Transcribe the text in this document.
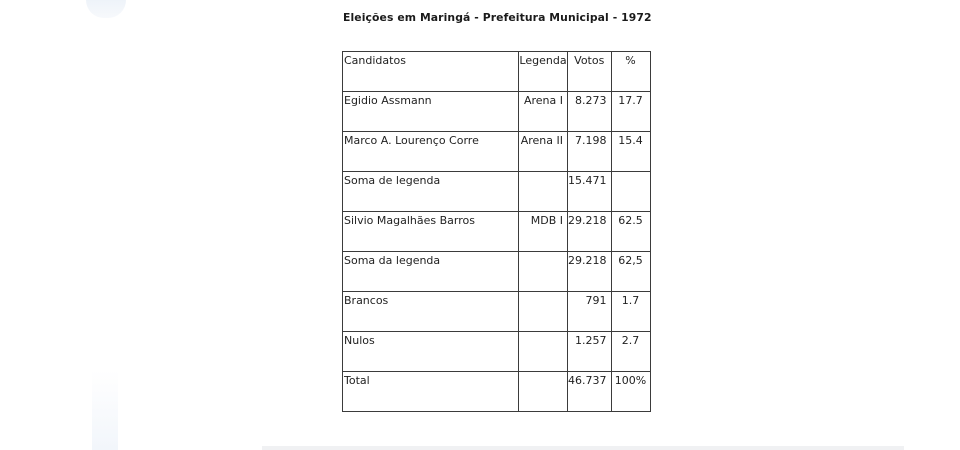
Eleições em Maringá - Prefeitura Municipal - 1972
Candidatos	Legenda	Votos	%

Egidio Assmann	Arena I	8.273	17.7

Marco A. Lourenço Corre	Arena II	7.198	15.4

Soma de legenda		15.471	

Silvio Magalhães Barros	MDB I	29.218	62.5

Soma da legenda		29.218	62,5

Brancos		791	1.7

Nulos		1.257	2.7

Total		46.737	100%
